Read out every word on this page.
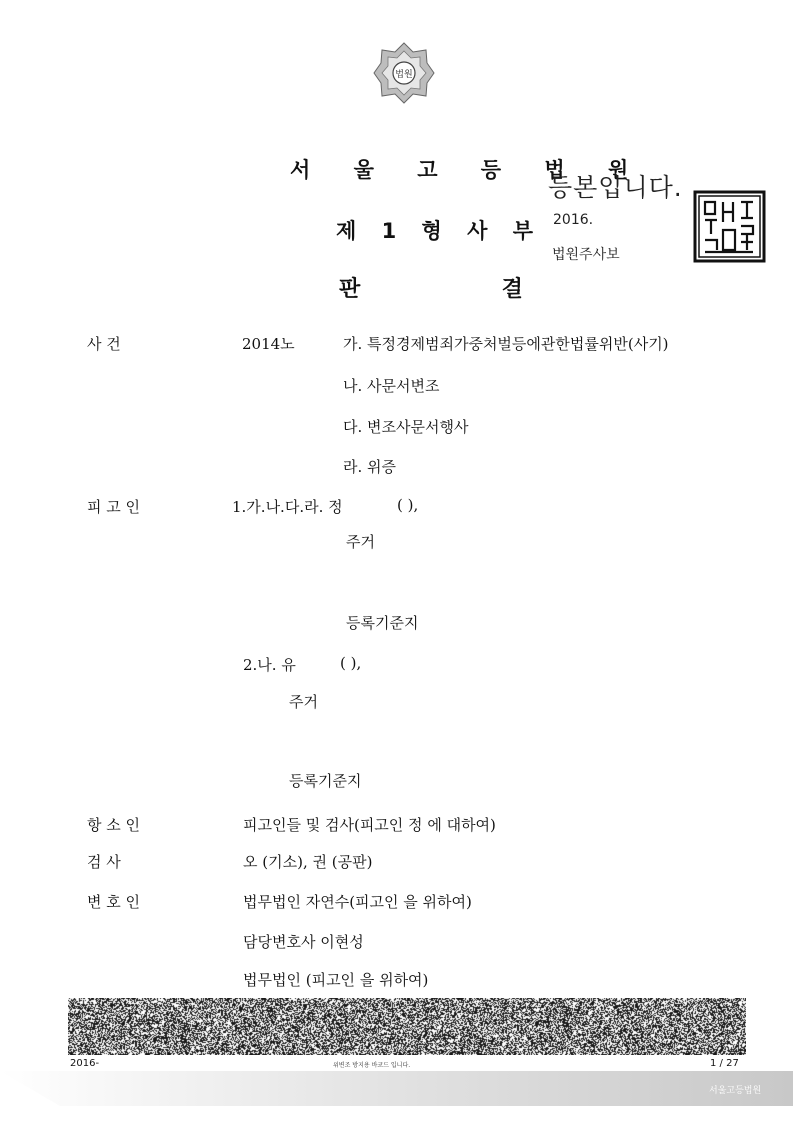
법원
서 울 고 등 법 원
제 1 형 사 부
판	결
등본입니다.
2016.
법원주사보
사 건	2014노	가. 특정경제범죄가중처벌등에관한법률위반(사기)
나. 사문서변조
다. 변조사문서행사
라. 위증
피 고 인	1.가.나.다.라. 정	( ),
주거
등록기준지
2.나. 유	( ),
주거
등록기준지
항 소 인	피고인들 및 검사(피고인 정 에 대하여)
검 사	오 (기소), 권 (공판)
변 호 인	법무법인 자연수(피고인 을 위하여)
담당변호사 이현성
법무법인 (피고인 을 위하여)
2016-	위변조 방지용 바코드 입니다.	1 / 27
서울고등법원
